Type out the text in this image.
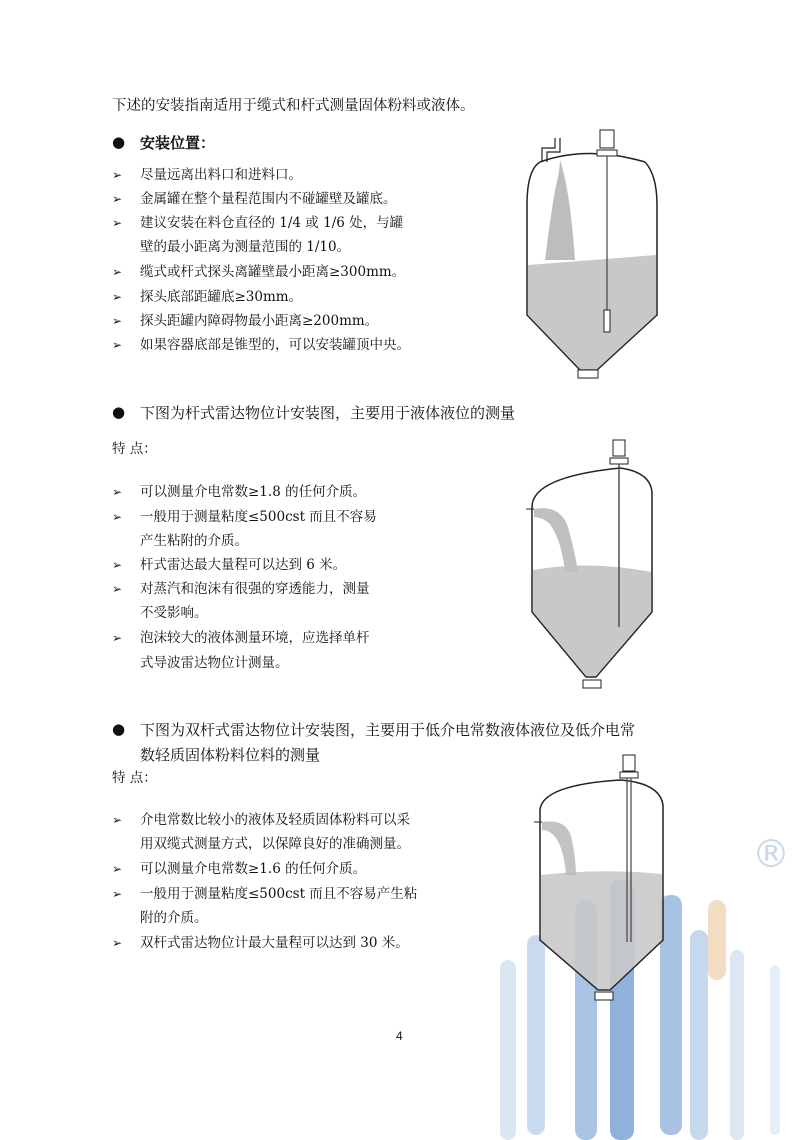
®
下述的安装指南适用于缆式和杆式测量固体粉料或液体。
● 安装位置：
➢ 尽量远离出料口和进料口。
➢ 金属罐在整个量程范围内不碰罐壁及罐底。
➢ 建议安装在料仓直径的 1/4 或 1/6 处，与罐
壁的最小距离为测量范围的 1/10。
➢ 缆式或杆式探头离罐壁最小距离≥300mm。
➢ 探头底部距罐底≥30mm。
➢ 探头距罐内障碍物最小距离≥200mm。
➢ 如果容器底部是锥型的，可以安装罐顶中央。
● 下图为杆式雷达物位计安装图，主要用于液体液位的测量
特 点：
➢ 可以测量介电常数≥1.8 的任何介质。
➢ 一般用于测量粘度≤500cst 而且不容易
产生粘附的介质。
➢ 杆式雷达最大量程可以达到 6 米。
➢ 对蒸汽和泡沫有很强的穿透能力，测量
不受影响。
➢ 泡沫较大的液体测量环境，应选择单杆
式导波雷达物位计测量。
● 下图为双杆式雷达物位计安装图，主要用于低介电常数液体液位及低介电常
数轻质固体粉料位料的测量
特 点：
➢ 介电常数比较小的液体及轻质固体粉料可以采
用双缆式测量方式，以保障良好的准确测量。
➢ 可以测量介电常数≥1.6 的任何介质。
➢ 一般用于测量粘度≤500cst 而且不容易产生粘
附的介质。
➢ 双杆式雷达物位计最大量程可以达到 30 米。
4
